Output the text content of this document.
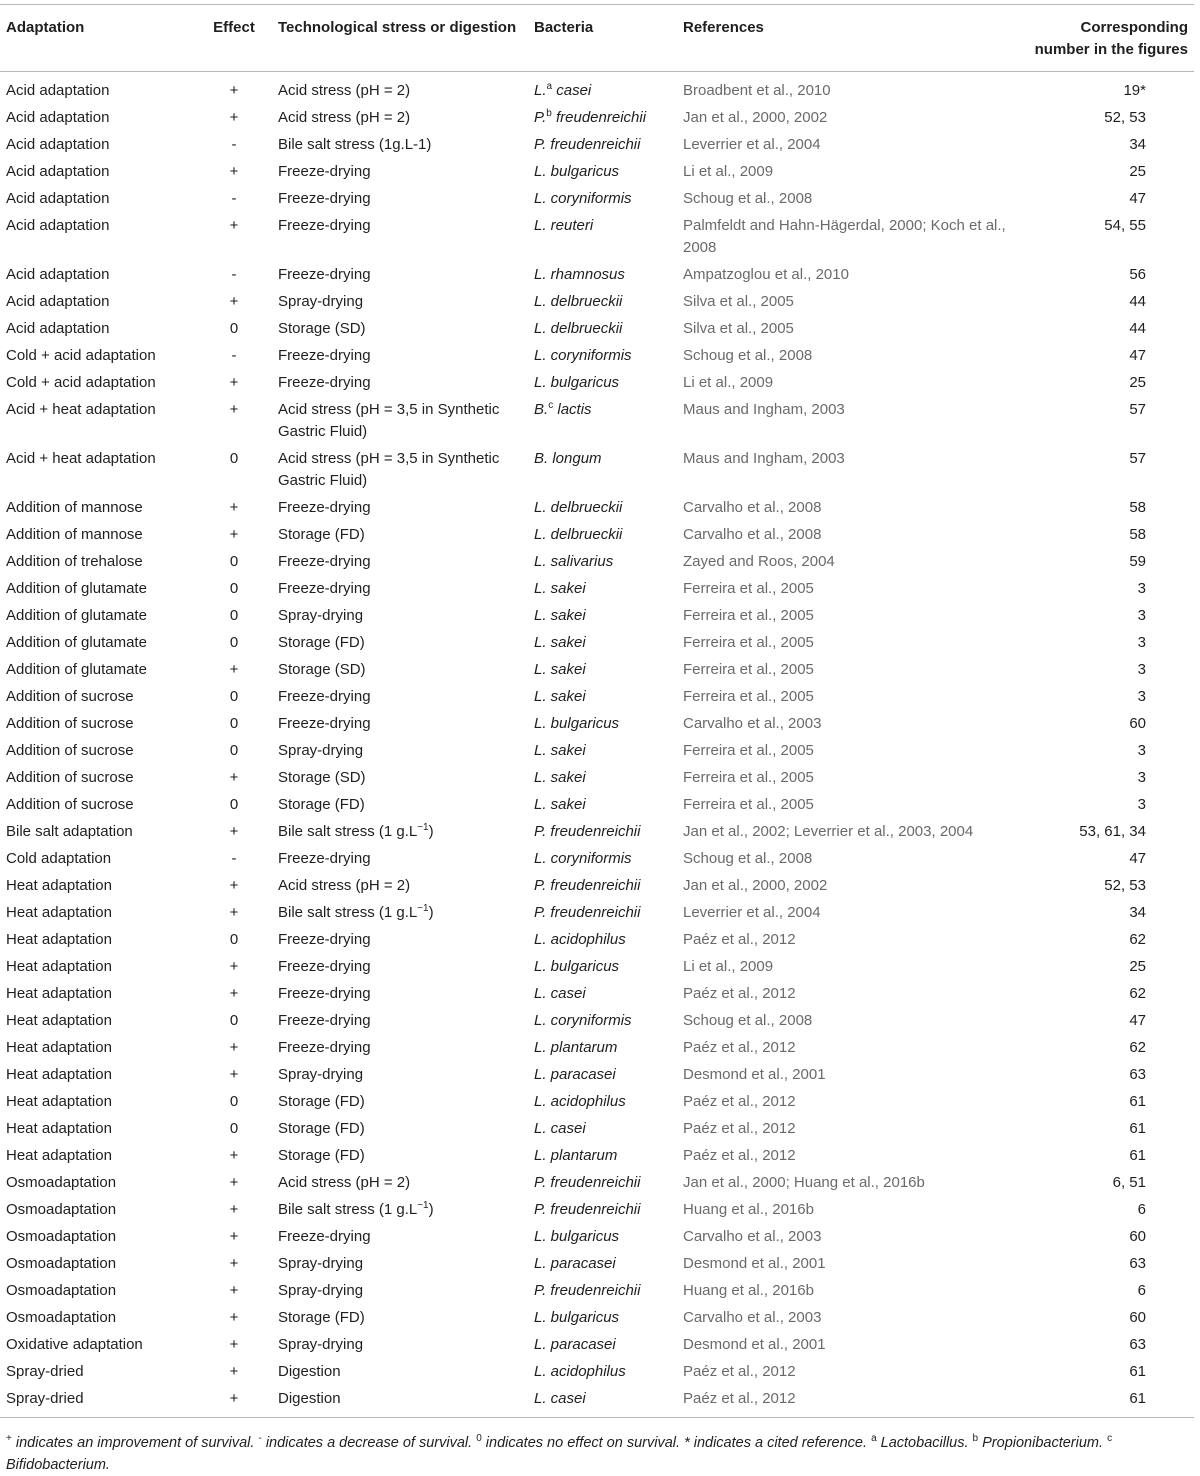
Adaptation	Effect	Technological stress or digestion	Bacteria	References	Corresponding number in the figures
Acid adaptation	+	Acid stress (pH = 2)	L.$^a$ casei	Broadbent et al., 2010	19*
Acid adaptation	+	Acid stress (pH = 2)	P.$^b$ freudenreichii	Jan et al., 2000, 2002	52, 53
Acid adaptation	-	Bile salt stress (1g.L-1)	P. freudenreichii	Leverrier et al., 2004	34
Acid adaptation	+	Freeze-drying	L. bulgaricus	Li et al., 2009	25
Acid adaptation	-	Freeze-drying	L. coryniformis	Schoug et al., 2008	47
Acid adaptation	+	Freeze-drying	L. reuteri	Palmfeldt and Hahn-Hägerdal, 2000; Koch et al., 2008	54, 55
Acid adaptation	-	Freeze-drying	L. rhamnosus	Ampatzoglou et al., 2010	56
Acid adaptation	+	Spray-drying	L. delbrueckii	Silva et al., 2005	44
Acid adaptation	0	Storage (SD)	L. delbrueckii	Silva et al., 2005	44
Cold + acid adaptation	-	Freeze-drying	L. coryniformis	Schoug et al., 2008	47
Cold + acid adaptation	+	Freeze-drying	L. bulgaricus	Li et al., 2009	25
Acid + heat adaptation	+	Acid stress (pH = 3,5 in Synthetic Gastric Fluid)	B.$^c$ lactis	Maus and Ingham, 2003	57
Acid + heat adaptation	0	Acid stress (pH = 3,5 in Synthetic Gastric Fluid)	B. longum	Maus and Ingham, 2003	57
Addition of mannose	+	Freeze-drying	L. delbrueckii	Carvalho et al., 2008	58
Addition of mannose	+	Storage (FD)	L. delbrueckii	Carvalho et al., 2008	58
Addition of trehalose	0	Freeze-drying	L. salivarius	Zayed and Roos, 2004	59
Addition of glutamate	0	Freeze-drying	L. sakei	Ferreira et al., 2005	3
Addition of glutamate	0	Spray-drying	L. sakei	Ferreira et al., 2005	3
Addition of glutamate	0	Storage (FD)	L. sakei	Ferreira et al., 2005	3
Addition of glutamate	+	Storage (SD)	L. sakei	Ferreira et al., 2005	3
Addition of sucrose	0	Freeze-drying	L. sakei	Ferreira et al., 2005	3
Addition of sucrose	0	Freeze-drying	L. bulgaricus	Carvalho et al., 2003	60
Addition of sucrose	0	Spray-drying	L. sakei	Ferreira et al., 2005	3
Addition of sucrose	+	Storage (SD)	L. sakei	Ferreira et al., 2005	3
Addition of sucrose	0	Storage (FD)	L. sakei	Ferreira et al., 2005	3
Bile salt adaptation	+	Bile salt stress (1 $g.L^{-1}$)	P. freudenreichii	Jan et al., 2002; Leverrier et al., 2003, 2004	53, 61, 34
Cold adaptation	-	Freeze-drying	L. coryniformis	Schoug et al., 2008	47
Heat adaptation	+	Acid stress (pH = 2)	P. freudenreichii	Jan et al., 2000, 2002	52, 53
Heat adaptation	+	Bile salt stress (1 $g.L^{-1}$)	P. freudenreichii	Leverrier et al., 2004	34
Heat adaptation	0	Freeze-drying	L. acidophilus	Paéz et al., 2012	62
Heat adaptation	+	Freeze-drying	L. bulgaricus	Li et al., 2009	25
Heat adaptation	+	Freeze-drying	L. casei	Paéz et al., 2012	62
Heat adaptation	0	Freeze-drying	L. coryniformis	Schoug et al., 2008	47
Heat adaptation	+	Freeze-drying	L. plantarum	Paéz et al., 2012	62
Heat adaptation	+	Spray-drying	L. paracasei	Desmond et al., 2001	63
Heat adaptation	0	Storage (FD)	L. acidophilus	Paéz et al., 2012	61
Heat adaptation	0	Storage (FD)	L. casei	Paéz et al., 2012	61
Heat adaptation	+	Storage (FD)	L. plantarum	Paéz et al., 2012	61
Osmoadaptation	+	Acid stress (pH = 2)	P. freudenreichii	Jan et al., 2000; Huang et al., 2016b	6, 51
Osmoadaptation	+	Bile salt stress (1 $g.L^{-1}$)	P. freudenreichii	Huang et al., 2016b	6
Osmoadaptation	+	Freeze-drying	L. bulgaricus	Carvalho et al., 2003	60
Osmoadaptation	+	Spray-drying	L. paracasei	Desmond et al., 2001	63
Osmoadaptation	+	Spray-drying	P. freudenreichii	Huang et al., 2016b	6
Osmoadaptation	+	Storage (FD)	L. bulgaricus	Carvalho et al., 2003	60
Oxidative adaptation	+	Spray-drying	L. paracasei	Desmond et al., 2001	63
Spray-dried	+	Digestion	L. acidophilus	Paéz et al., 2012	61
Spray-dried	+	Digestion	L. casei	Paéz et al., 2012	61
+ indicates an improvement of survival. - indicates a decrease of survival. $^0$ indicates no effect on survival. * indicates a cited reference. $^a$ Lactobacillus. $^b$ Propionibacterium. $^c$ Bifidobacterium.
